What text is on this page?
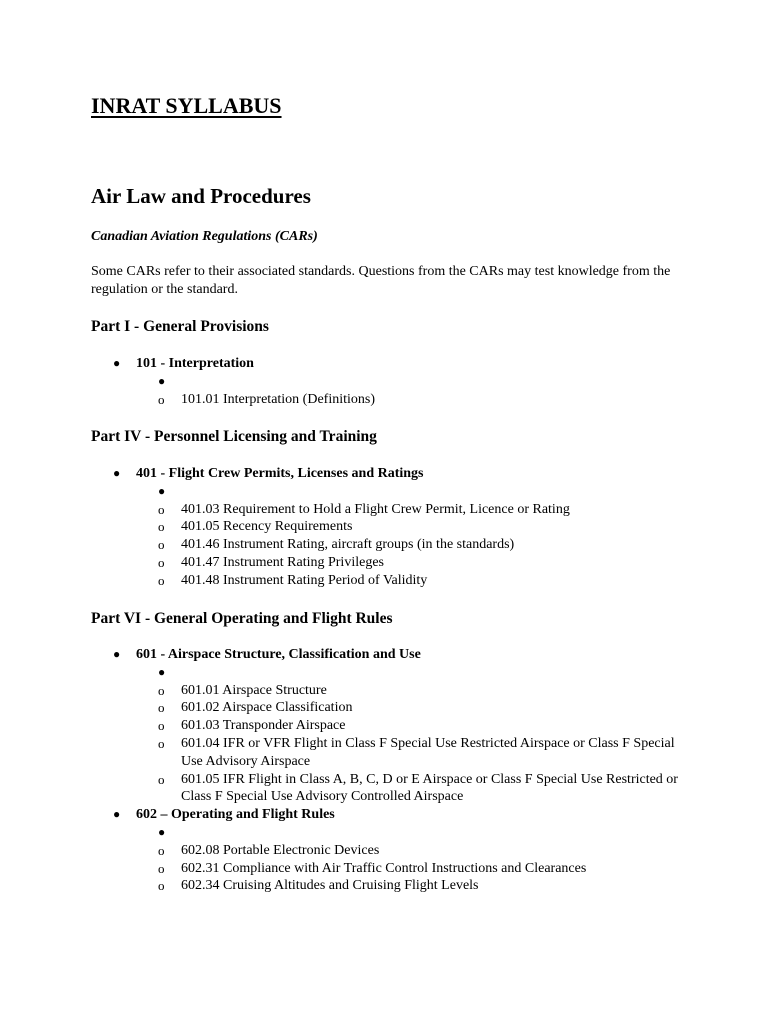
INRAT SYLLABUS
Air Law and Procedures

Canadian Aviation Regulations (CARs)

Some CARs refer to their associated standards. Questions from the CARs may test knowledge from the regulation or the standard.

Part I - General Provisions
● 101 - Interpretation
●
o 101.01 Interpretation (Definitions)
Part IV - Personnel Licensing and Training
● 401 - Flight Crew Permits, Licenses and Ratings
●
o 401.03 Requirement to Hold a Flight Crew Permit, Licence or Rating
o 401.05 Recency Requirements
o 401.46 Instrument Rating, aircraft groups (in the standards)
o 401.47 Instrument Rating Privileges
o 401.48 Instrument Rating Period of Validity
Part VI - General Operating and Flight Rules
● 601 - Airspace Structure, Classification and Use
●
o 601.01 Airspace Structure
o 601.02 Airspace Classification
o 601.03 Transponder Airspace
o 601.04 IFR or VFR Flight in Class F Special Use Restricted Airspace or Class F Special Use Advisory Airspace
o 601.05 IFR Flight in Class A, B, C, D or E Airspace or Class F Special Use Restricted or Class F Special Use Advisory Controlled Airspace
● 602 – Operating and Flight Rules
●
o 602.08 Portable Electronic Devices
o 602.31 Compliance with Air Traffic Control Instructions and Clearances
o 602.34 Cruising Altitudes and Cruising Flight Levels
